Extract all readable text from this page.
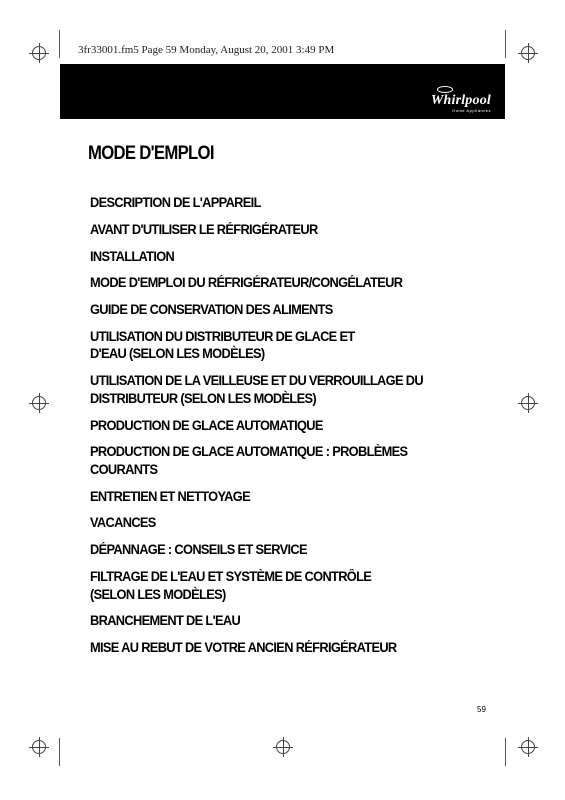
3fr33001.fm5 Page 59 Monday, August 20, 2001 3:49 PM
Whirlpool
Home Appliances
MODE D'EMPLOI
DESCRIPTION DE L'APPAREIL
AVANT D'UTILISER LE RÉFRIGÉRATEUR
INSTALLATION
MODE D'EMPLOI DU RÉFRIGÉRATEUR/CONGÉLATEUR
GUIDE DE CONSERVATION DES ALIMENTS
UTILISATION DU DISTRIBUTEUR DE GLACE ET
D'EAU (SELON LES MODÈLES)
UTILISATION DE LA VEILLEUSE ET DU VERROUILLAGE DU
DISTRIBUTEUR (SELON LES MODÈLES)
PRODUCTION DE GLACE AUTOMATIQUE
PRODUCTION DE GLACE AUTOMATIQUE : PROBLÈMES
COURANTS
ENTRETIEN ET NETTOYAGE
VACANCES
DÉPANNAGE : CONSEILS ET SERVICE
FILTRAGE DE L'EAU ET SYSTÈME DE CONTRÔLE
(SELON LES MODÈLES)
BRANCHEMENT DE L'EAU
MISE AU REBUT DE VOTRE ANCIEN RÉFRIGÉRATEUR
59
